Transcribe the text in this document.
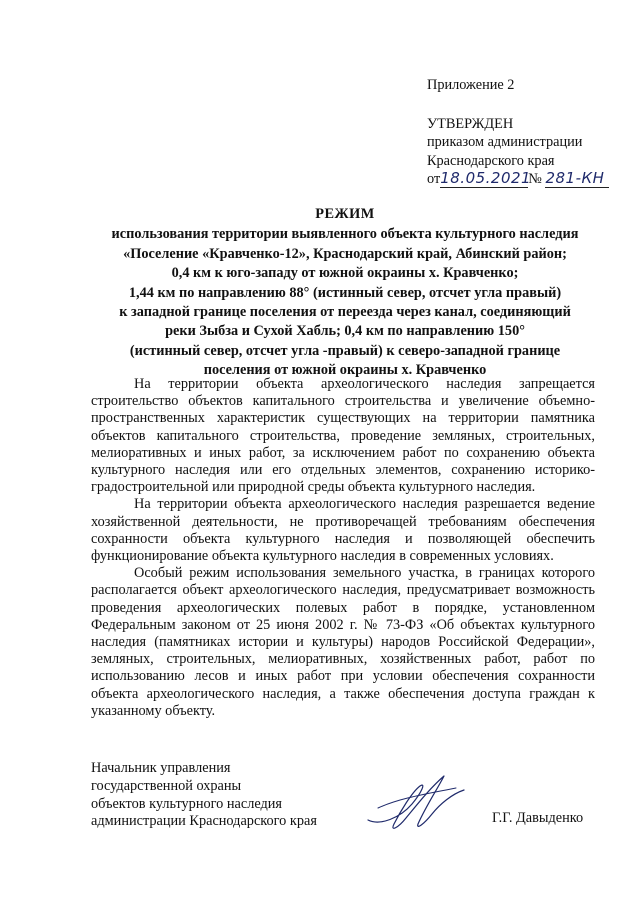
Приложение 2
УТВЕРЖДЕН
приказом администрации
Краснодарского края
от18.05.2021№ 281-КН
РЕЖИМ
использования территории выявленного объекта культурного наследия
«Поселение «Кравченко-12», Краснодарский край, Абинский район;
0,4 км к юго-западу от южной окраины х. Кравченко;
1,44 км по направлению 88° (истинный север, отсчет угла правый)
к западной границе поселения от переезда через канал, соединяющий
реки Зыбза и Сухой Хабль; 0,4 км по направлению 150°
(истинный север, отсчет угла -правый) к северо-западной границе
поселения от южной окраины х. Кравченко

На территории объекта археологического наследия запрещается строительство объектов капитального строительства и увеличение объемно-пространственных характеристик существующих на территории памятника объектов капитального строительства, проведение земляных, строительных, мелиоративных и иных работ, за исключением работ по сохранению объекта культурного наследия или его отдельных элементов, сохранению историко-градостроительной или природной среды объекта культурного наследия.

На территории объекта археологического наследия разрешается ведение хозяйственной деятельности, не противоречащей требованиям обеспечения сохранности объекта культурного наследия и позволяющей обеспечить функционирование объекта культурного наследия в современных условиях.

Особый режим использования земельного участка, в границах которого располагается объект археологического наследия, предусматривает возможность проведения археологических полевых работ в порядке, установленном Федеральным законом от 25 июня 2002 г. № 73-ФЗ «Об объектах культурного наследия (памятниках истории и культуры) народов Российской Федерации», земляных, строительных, мелиоративных, хозяйственных работ, работ по использованию лесов и иных работ при условии обеспечения сохранности объекта археологического наследия, а также обеспечения доступа граждан к указанному объекту.

Начальник управления
государственной охраны
объектов культурного наследия
администрации Краснодарского края	Г.Г. Давыденко
